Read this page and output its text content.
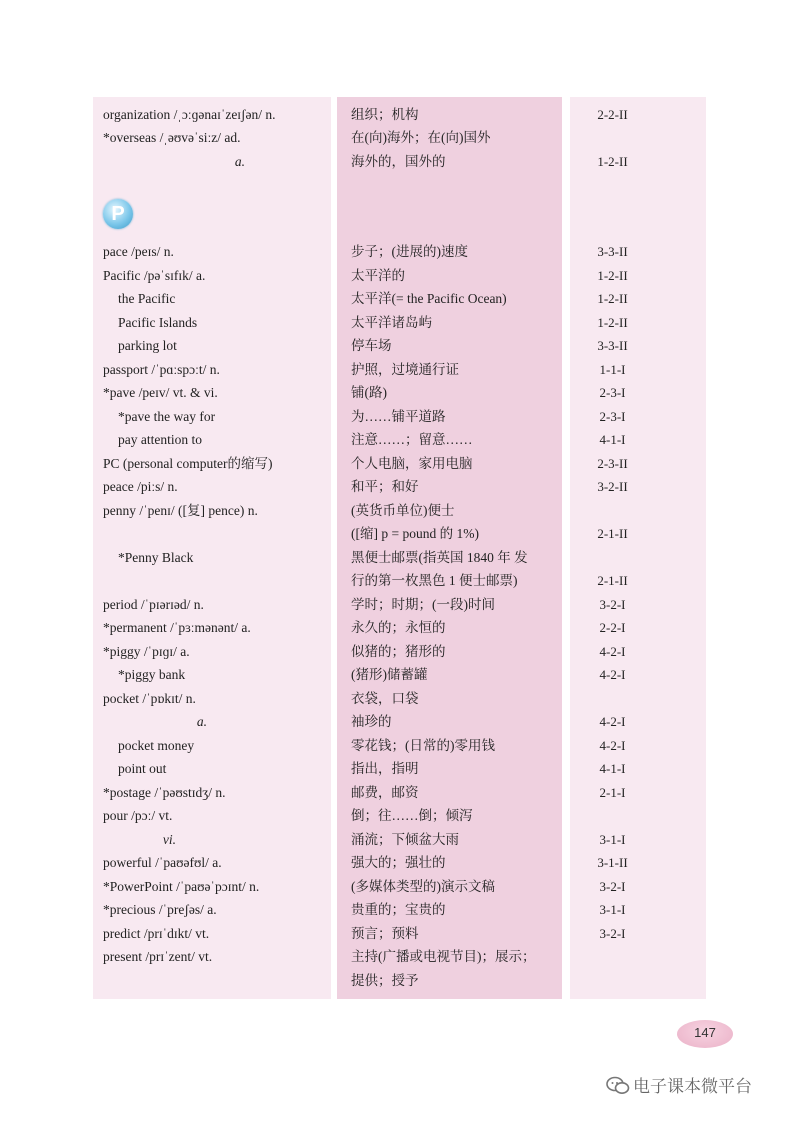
P
organization /ˌɔːɡənaɪˈzeɪʃən/ n.	组织；机构	2-2-II
*overseas /ˌəʊvəˈsiːz/ ad.	在(向)海外；在(向)国外
a.	海外的，国外的	1-2-II
pace /peɪs/ n.	步子；(进展的)速度	3-3-II
Pacific /pəˈsɪfɪk/ a.	太平洋的	1-2-II
the Pacific	太平洋(= the Pacific Ocean)	1-2-II
Pacific Islands	太平洋诸岛屿	1-2-II
parking lot	停车场	3-3-II
passport /ˈpɑːspɔːt/ n.	护照，过境通行证	1-1-I
*pave /peɪv/ vt. & vi.	铺(路)	2-3-I
*pave the way for	为……铺平道路	2-3-I
pay attention to	注意……；留意……	4-1-I
PC (personal computer的缩写)	个人电脑，家用电脑	2-3-II
peace /piːs/ n.	和平；和好	3-2-II
penny /ˈpenɪ/ ([复] pence) n.	(英货币单位)便士
([缩] p = pound 的 1%)	2-1-II
*Penny Black	黑便士邮票(指英国 1840 年 发
行的第一枚黑色 1 便士邮票)	2-1-II
period /ˈpɪərɪəd/ n.	学时；时期；(一段)时间	3-2-I
*permanent /ˈpɜːmənənt/ a.	永久的；永恒的	2-2-I
*piggy /ˈpɪɡɪ/ a.	似猪的；猪形的	4-2-I
*piggy bank	(猪形)储蓄罐	4-2-I
pocket /ˈpɒkɪt/ n.	衣袋，口袋
a.	袖珍的	4-2-I
pocket money	零花钱；(日常的)零用钱	4-2-I
point out	指出，指明	4-1-I
*postage /ˈpəʊstɪdʒ/ n.	邮费，邮资	2-1-I
pour /pɔː/ vt.	倒；往……倒；倾泻
vi.	涌流；下倾盆大雨	3-1-I
powerful /ˈpaʊəfʊl/ a.	强大的；强壮的	3-1-II
*PowerPoint /ˈpaʊəˈpɔɪnt/ n.	(多媒体类型的)演示文稿	3-2-I
*precious /ˈpreʃəs/ a.	贵重的；宝贵的	3-1-I
predict /prɪˈdɪkt/ vt.	预言；预料	3-2-I
present /prɪˈzent/ vt.	主持(广播或电视节目)；展示；
提供；授予
147
电子课本微平台
